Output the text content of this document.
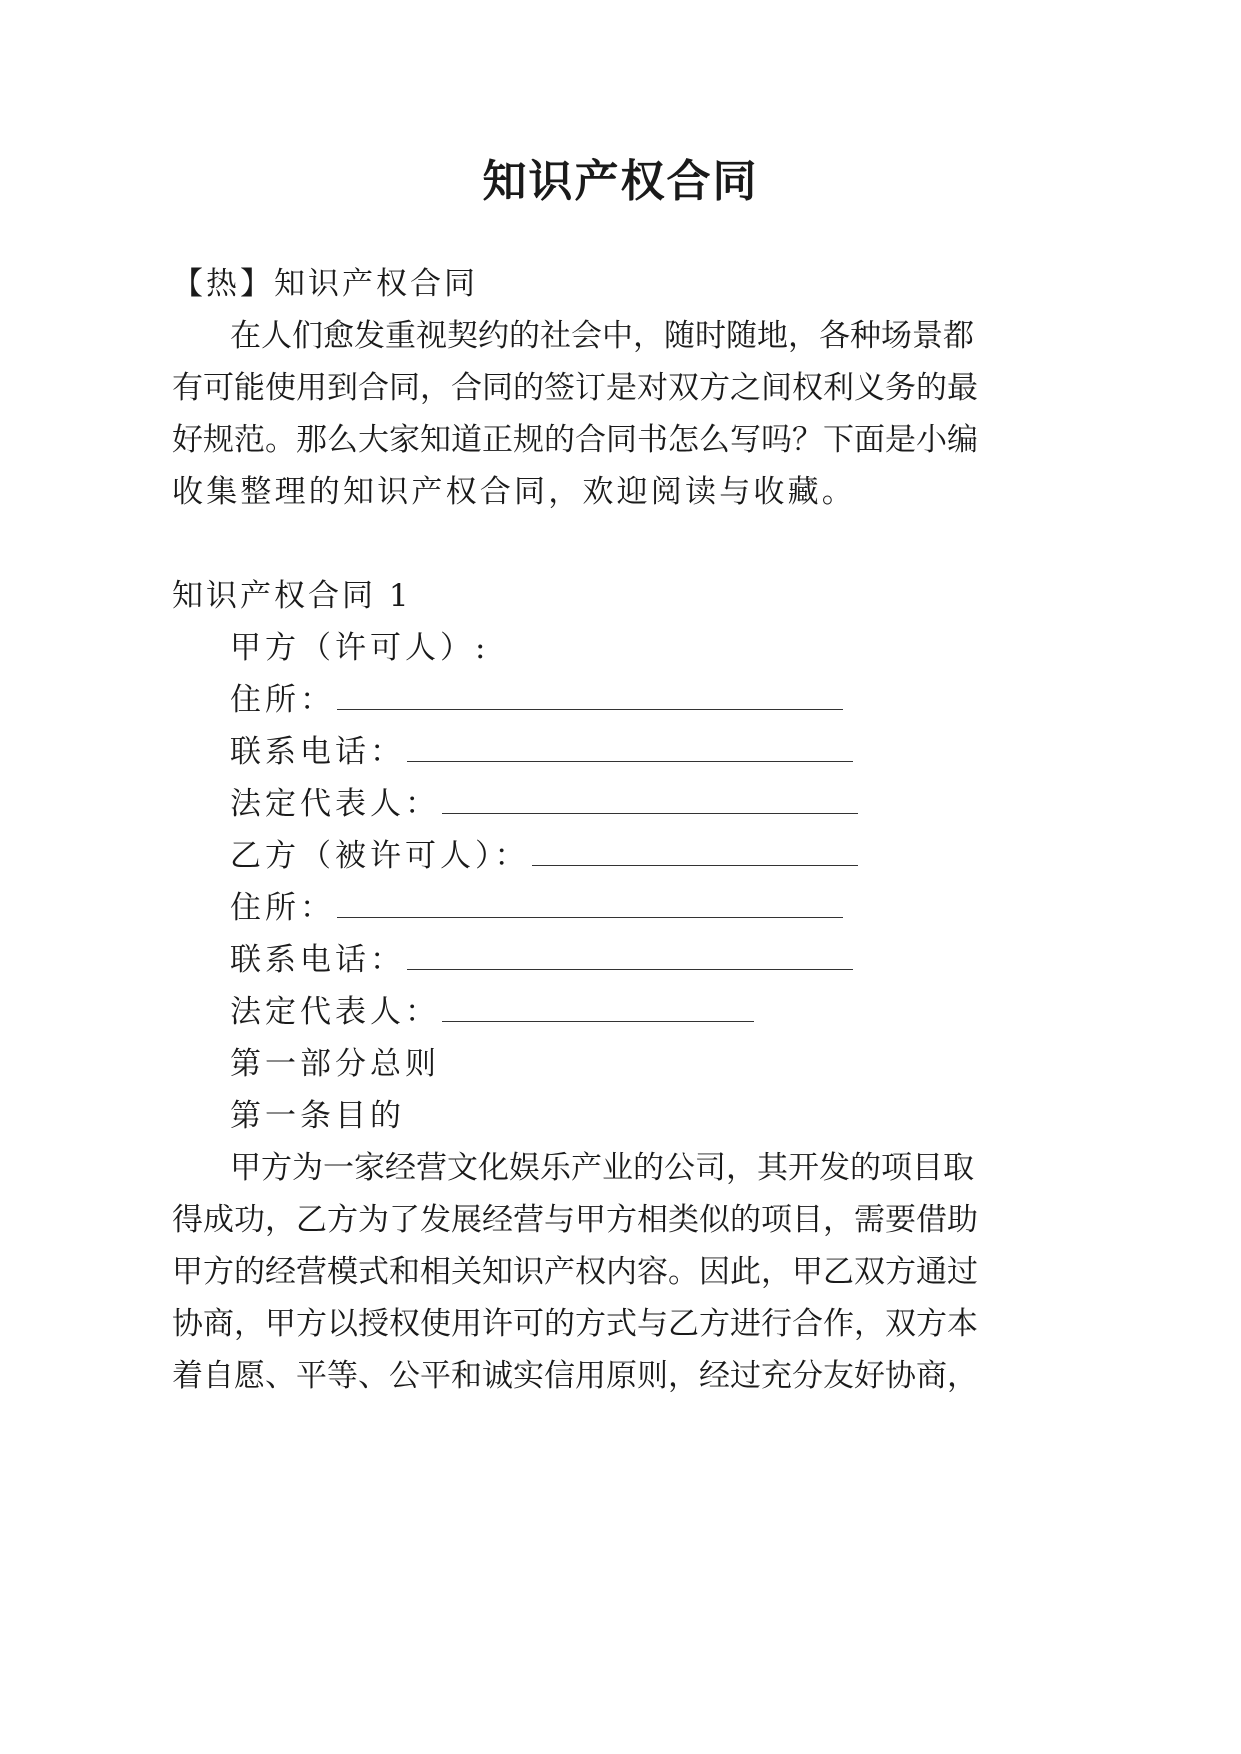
知识产权合同
【热】知识产权合同
在人们愈发重视契约的社会中，随时随地，各种场景都
有可能使用到合同，合同的签订是对双方之间权利义务的最
好规范。那么大家知道正规的合同书怎么写吗？下面是小编
收集整理的知识产权合同，欢迎阅读与收藏。
知识产权合同 1
甲方（许可人）:
住所：
联系电话：
法定代表人：
乙方（被许可人）：
住所：
联系电话：
法定代表人：
第一部分总则
第一条目的
甲方为一家经营文化娱乐产业的公司，其开发的项目取
得成功，乙方为了发展经营与甲方相类似的项目，需要借助
甲方的经营模式和相关知识产权内容。因此，甲乙双方通过
协商，甲方以授权使用许可的方式与乙方进行合作，双方本
着自愿、平等、公平和诚实信用原则，经过充分友好协商，
